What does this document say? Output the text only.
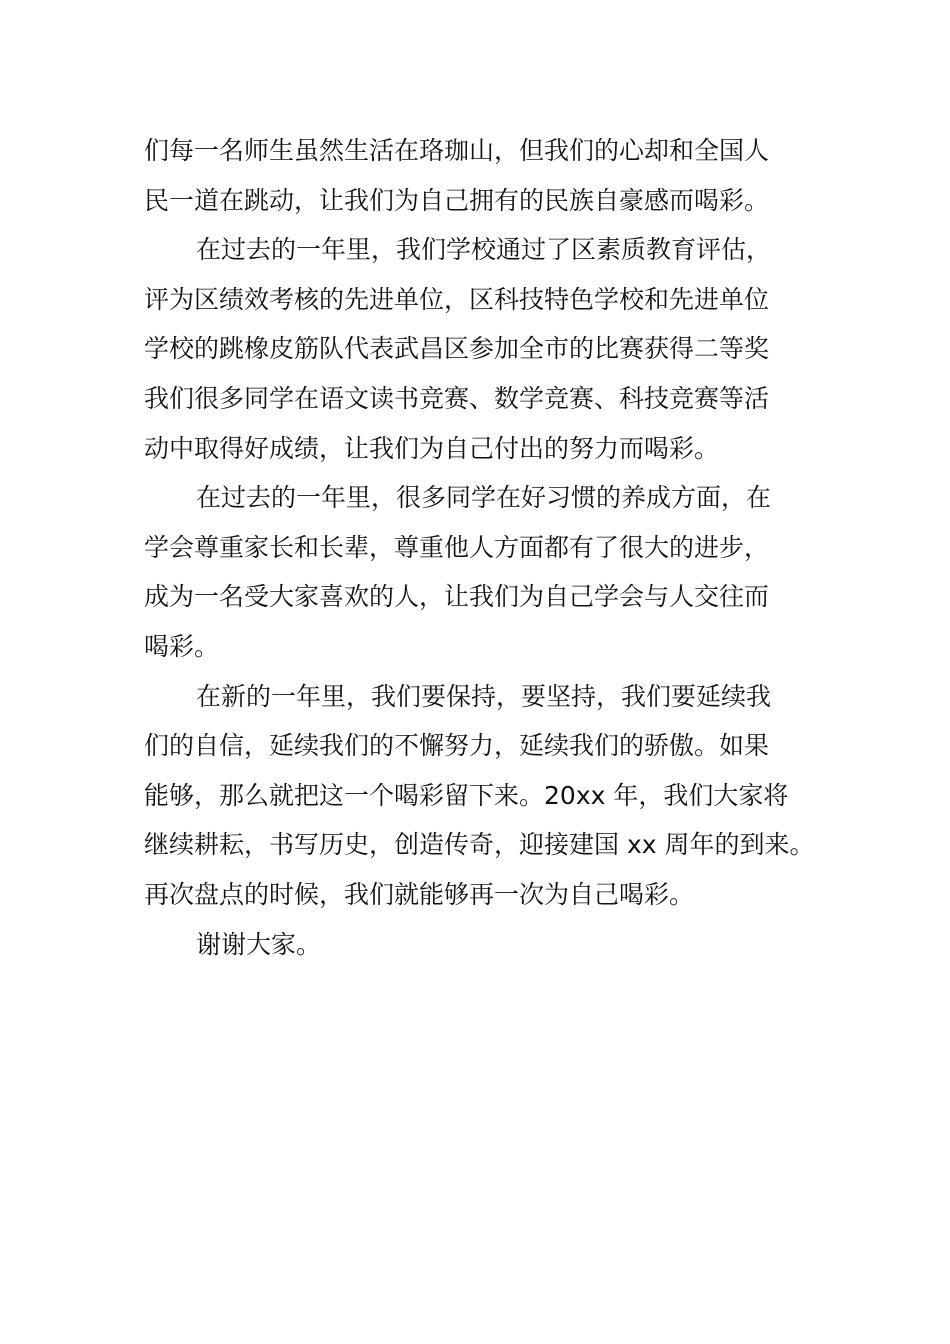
们每一名师生虽然生活在珞珈山，但我们的心却和全国人
民一道在跳动，让我们为自己拥有的民族自豪感而喝彩。
在过去的一年里，我们学校通过了区素质教育评估，
评为区绩效考核的先进单位，区科技特色学校和先进单位
学校的跳橡皮筋队代表武昌区参加全市的比赛获得二等奖
我们很多同学在语文读书竞赛、数学竞赛、科技竞赛等活
动中取得好成绩，让我们为自己付出的努力而喝彩。
在过去的一年里，很多同学在好习惯的养成方面，在
学会尊重家长和长辈，尊重他人方面都有了很大的进步，
成为一名受大家喜欢的人，让我们为自己学会与人交往而
喝彩。
在新的一年里，我们要保持，要坚持，我们要延续我
们的自信，延续我们的不懈努力，延续我们的骄傲。如果
能够，那么就把这一个喝彩留下来。20xx 年，我们大家将
继续耕耘，书写历史，创造传奇，迎接建国 xx 周年的到来。
再次盘点的时候，我们就能够再一次为自己喝彩。
谢谢大家。
